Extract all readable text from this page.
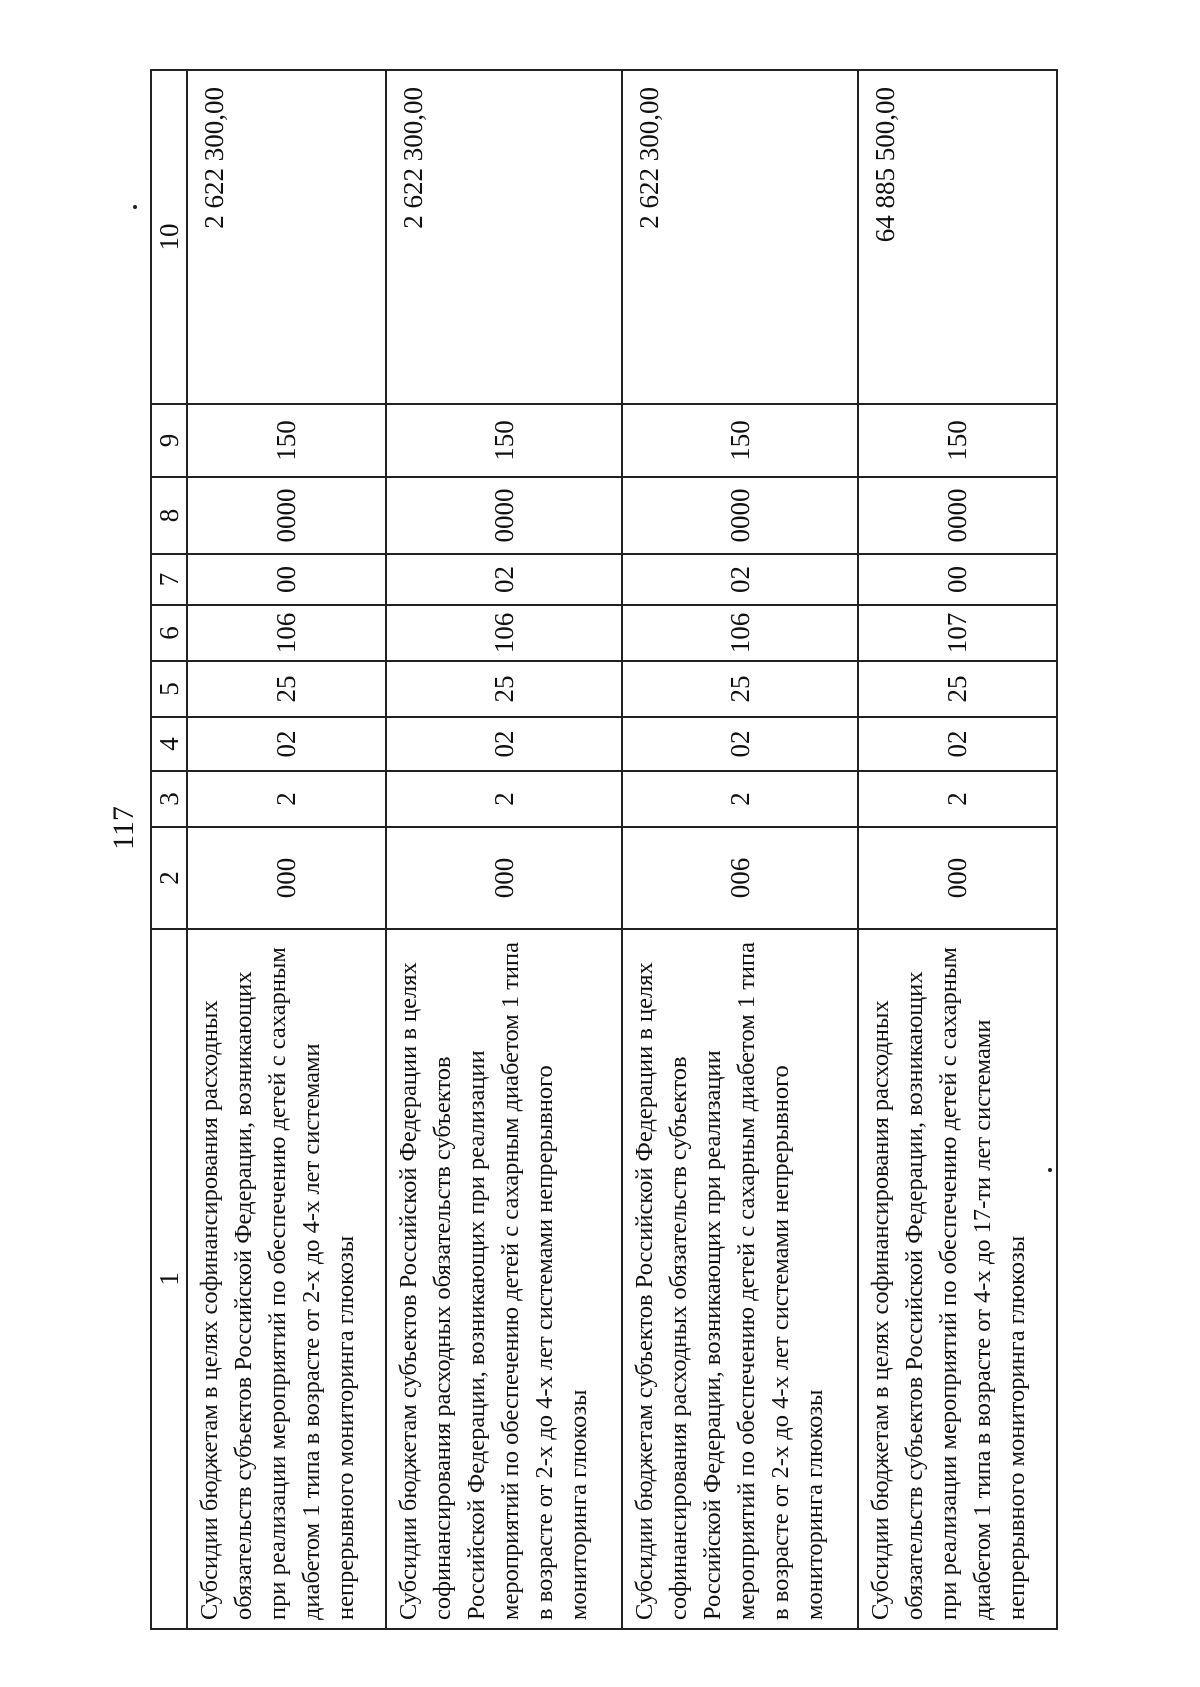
117
1	2	3	4	5	6	7	8	9	10
Субсидии бюджетам в целях софинансирования расходных обязательств субъектов Российской Федерации, возникающих при реализации мероприятий по обеспечению детей с сахарным диабетом 1 типа в возрасте от 2-х до 4-х лет системами непрерывного мониторинга глюкозы	000	2	02	25	106	00	0000	150	2 622 300,00
Субсидии бюджетам субъектов Российской Федерации в целях софинансирования расходных обязательств субъектов Российской Федерации, возникающих при реализации мероприятий по обеспечению детей с сахарным диабетом 1 типа в возрасте от 2-х до 4-х лет системами непрерывного мониторинга глюкозы	000	2	02	25	106	02	0000	150	2 622 300,00
Субсидии бюджетам субъектов Российской Федерации в целях софинансирования расходных обязательств субъектов Российской Федерации, возникающих при реализации мероприятий по обеспечению детей с сахарным диабетом 1 типа в возрасте от 2-х до 4-х лет системами непрерывного мониторинга глюкозы	006	2	02	25	106	02	0000	150	2 622 300,00
Субсидии бюджетам в целях софинансирования расходных обязательств субъектов Российской Федерации, возникающих при реализации мероприятий по обеспечению детей с сахарным диабетом 1 типа в возрасте от 4-х до 17-ти лет системами непрерывного мониторинга глюкозы	000	2	02	25	107	00	0000	150	64 885 500,00
